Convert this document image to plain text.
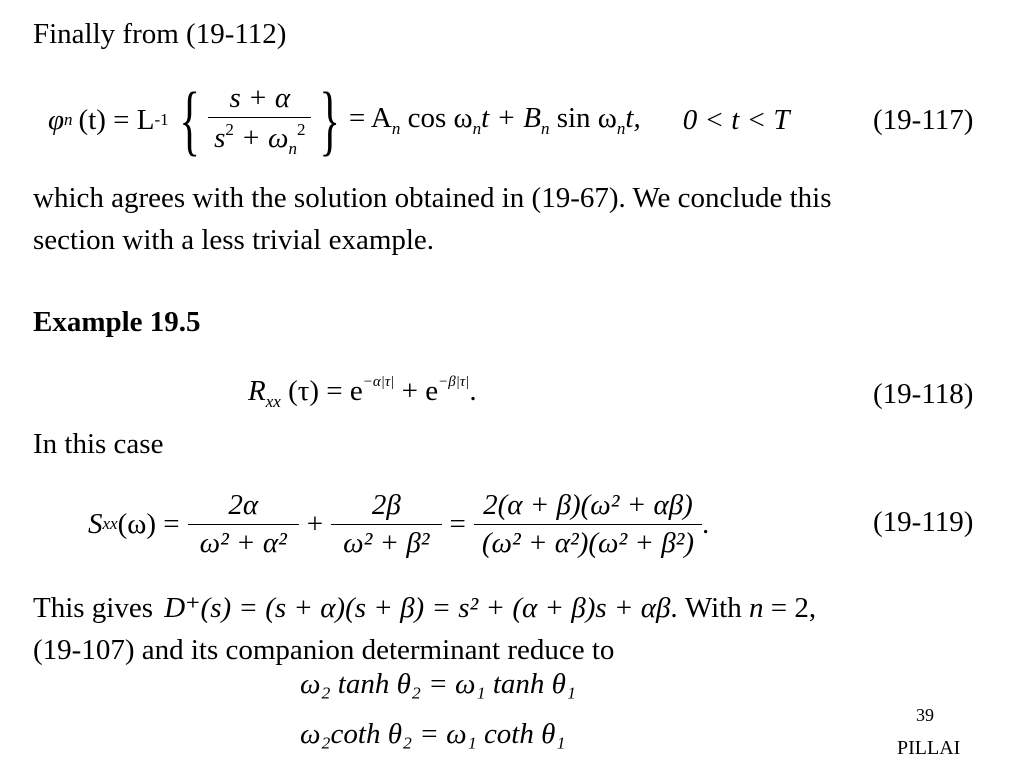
Finally from (19-112)
φ n (t) = L -1 { $\frac{s + \alpha}{s^2 + \omega_n^2}$ } = $A_n$ $\cos \omega_nt + B_n$ $\sin \omega_nt$, 0 < t < T	(19-117)
which agrees with the solution obtained in (19-67). We conclude this
section with a less trivial example.
Example 19.5
$R_{xx}$ $(\tau) = e^{-\alpha|\tau|} + e^{-\beta|\tau|}$.	(19-118)
In this case
S xx $(\omega) = \frac{2\alpha}{\text{ω² + α²}} + \frac{2\beta}{\text{ω² + β²}} = \frac{\text{2(α + β)(ω² + αβ)}}{\text{(ω² + α²)(ω² + β²)}}$ .	(19-119)
This gives D⁺(s) = (s + α)(s + β) = s² + (α + β)s + αβ. With n = 2,
(19-107) and its companion determinant reduce to
ω₂ tanh θ₂ = ω₁ tanh θ₁
ω₂coth θ₂ = ω₁ coth θ₁
39
PILLAI
